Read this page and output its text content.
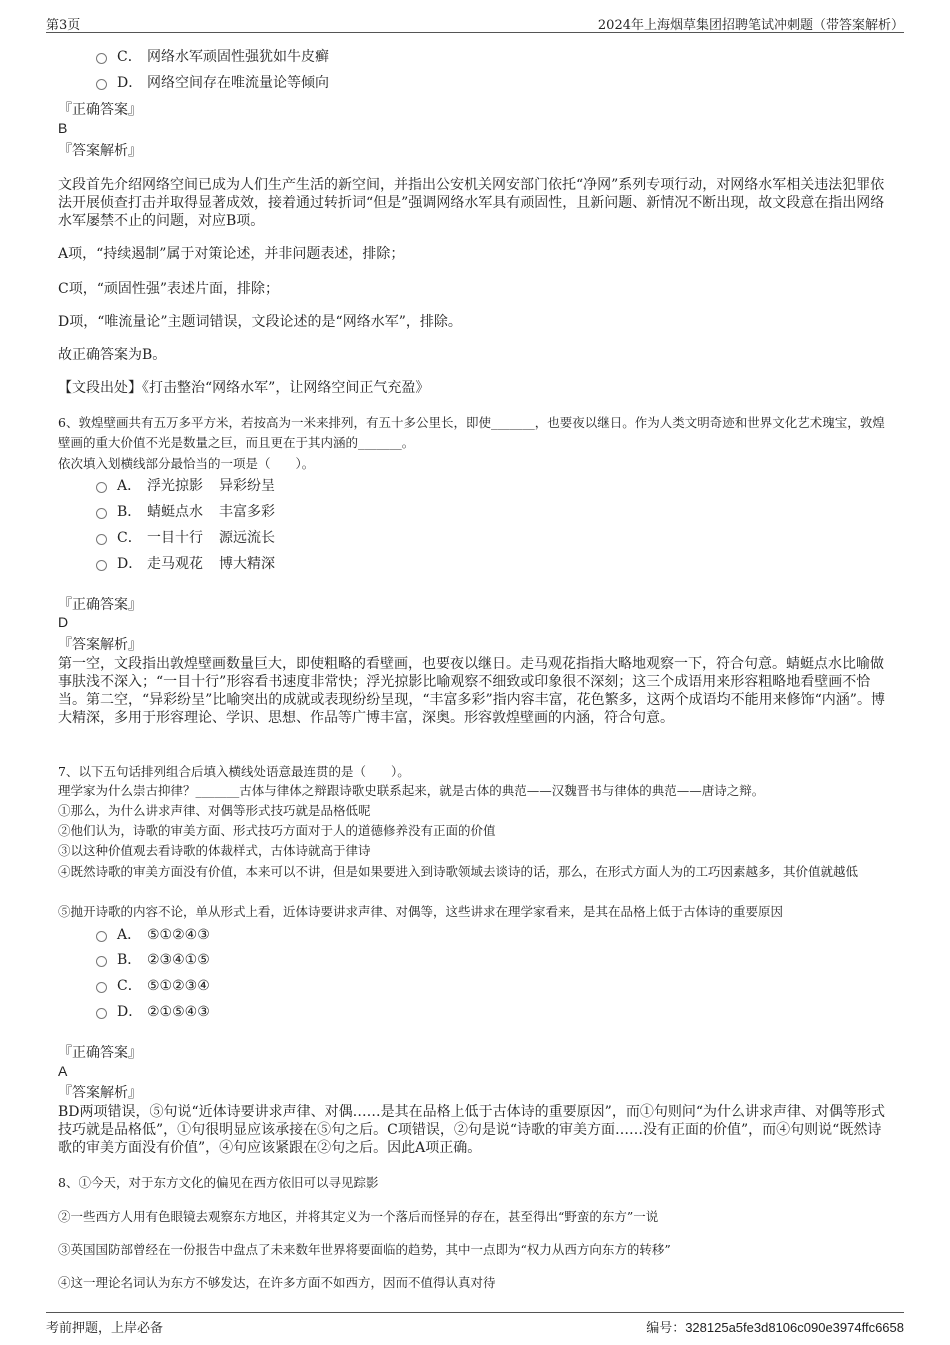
第3页	2024年上海烟草集团招聘笔试冲刺题（带答案解析）
C． 网络水军顽固性强犹如牛皮癣
D． 网络空间存在唯流量论等倾向
『正确答案』
B
『答案解析』
文段首先介绍网络空间已成为人们生产生活的新空间，并指出公安机关网安部门依托“净网”系列专项行动，对网络水军相关违法犯罪依法开展侦查打击并取得显著成效，接着通过转折词“但是”强调网络水军具有顽固性，且新问题、新情况不断出现，故文段意在指出网络水军屡禁不止的问题，对应B项。
A项，“持续遏制”属于对策论述，并非问题表述，排除；
C项，“顽固性强”表述片面，排除；
D项，“唯流量论”主题词错误，文段论述的是“网络水军”，排除。
故正确答案为B。
【文段出处】《打击整治“网络水军”，让网络空间正气充盈》
6、敦煌壁画共有五万多平方米，若按高为一米来排列，有五十多公里长，即使_______，也要夜以继日。作为人类文明奇迹和世界文化艺术瑰宝，敦煌壁画的重大价值不光是数量之巨，而且更在于其内涵的_______。
依次填入划横线部分最恰当的一项是（　　）。
A． 浮光掠影 异彩纷呈
B． 蜻蜓点水 丰富多彩
C． 一目十行 源远流长
D． 走马观花 博大精深
『正确答案』
D
『答案解析』
第一空，文段指出敦煌壁画数量巨大，即使粗略的看壁画，也要夜以继日。走马观花指指大略地观察一下，符合句意。蜻蜓点水比喻做事肤浅不深入；“一目十行”形容看书速度非常快；浮光掠影比喻观察不细致或印象很不深刻；这三个成语用来形容粗略地看壁画不恰当。第二空，“异彩纷呈”比喻突出的成就或表现纷纷呈现，“丰富多彩”指内容丰富，花色繁多，这两个成语均不能用来修饰“内涵”。博大精深，多用于形容理论、学识、思想、作品等广博丰富，深奥。形容敦煌壁画的内涵，符合句意。
7、以下五句话排列组合后填入横线处语意最连贯的是（　　）。
理学家为什么崇古抑律？_______古体与律体之辩跟诗歌史联系起来，就是古体的典范——汉魏晋书与律体的典范——唐诗之辩。
①那么，为什么讲求声律、对偶等形式技巧就是品格低呢
②他们认为，诗歌的审美方面、形式技巧方面对于人的道德修养没有正面的价值
③以这种价值观去看诗歌的体裁样式，古体诗就高于律诗
④既然诗歌的审美方面没有价值，本来可以不讲，但是如果要进入到诗歌领域去谈诗的话，那么，在形式方面人为的工巧因素越多，其价值就越低
⑤抛开诗歌的内容不论，单从形式上看，近体诗要讲求声律、对偶等，这些讲求在理学家看来，是其在品格上低于古体诗的重要原因
A． ⑤①②④③
B． ②③④①⑤
C． ⑤①②③④
D． ②①⑤④③
『正确答案』
A
『答案解析』
BD两项错误，⑤句说“近体诗要讲求声律、对偶……是其在品格上低于古体诗的重要原因”，而①句则问“为什么讲求声律、对偶等形式技巧就是品格低”，①句很明显应该承接在⑤句之后。C项错误，②句是说“诗歌的审美方面……没有正面的价值”，而④句则说“既然诗歌的审美方面没有价值”，④句应该紧跟在②句之后。因此A项正确。
8、①今天，对于东方文化的偏见在西方依旧可以寻见踪影
②一些西方人用有色眼镜去观察东方地区，并将其定义为一个落后而怪异的存在，甚至得出“野蛮的东方”一说
③英国国防部曾经在一份报告中盘点了未来数年世界将要面临的趋势，其中一点即为“权力从西方向东方的转移”
④这一理论名词认为东方不够发达，在许多方面不如西方，因而不值得认真对待
考前押题，上岸必备	编号：328125a5fe3d8106c090e3974ffc6658
